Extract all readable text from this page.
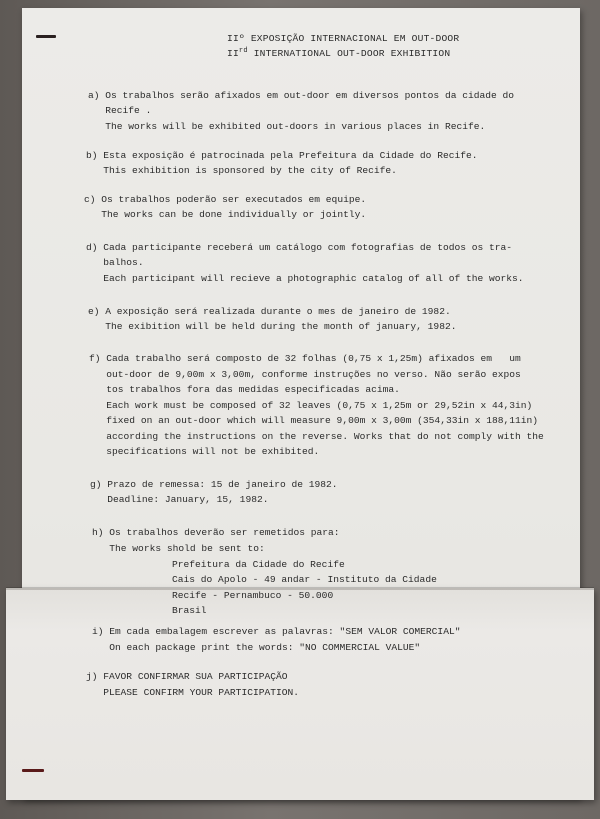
IIº EXPOSIÇÃO INTERNACIONAL EM OUT-DOOR
IIrd INTERNATIONAL OUT-DOOR EXHIBITION
a) Os trabalhos serão afixados em out-door em diversos pontos da cidade do
Recife .
The works will be exhibited out-doors in various places in Recife.
b) Esta exposição é patrocinada pela Prefeitura da Cidade do Recife.
This exhibition is sponsored by the city of Recife.
c) Os trabalhos poderão ser executados em equipe.
The works can be done individually or jointly.
d) Cada participante receberá um catálogo com fotografias de todos os tra-
balhos.
Each participant will recieve a photographic catalog of all of the works.
e) A exposição será realizada durante o mes de janeiro de 1982.
The exibition will be held during the month of january, 1982.
f) Cada trabalho será composto de 32 folhas (0,75 x 1,25m) afixados em   um
out-door de 9,00m x 3,00m, conforme instruções no verso. Não serão expos
tos trabalhos fora das medidas especificadas acima.
Each work must be composed of 32 leaves (0,75 x 1,25m or 29,52in x 44,3in)
fixed on an out-door which will measure 9,00m x 3,00m (354,33in x 188,11in)
according the instructions on the reverse. Works that do not comply with the
specifications will not be exhibited.
g) Prazo de remessa: 15 de janeiro de 1982.
Deadline: January, 15, 1982.
h) Os trabalhos deverão ser remetidos para:
The works shold be sent to:
Prefeitura da Cidade do Recife
Cais do Apolo - 49 andar - Instituto da Cidade
Recife - Pernambuco - 50.000
Brasil
i) Em cada embalagem escrever as palavras: "SEM VALOR COMERCIAL"
On each package print the words: "NO COMMERCIAL VALUE"
j) FAVOR CONFIRMAR SUA PARTICIPAÇÃO
PLEASE CONFIRM YOUR PARTICIPATION.
